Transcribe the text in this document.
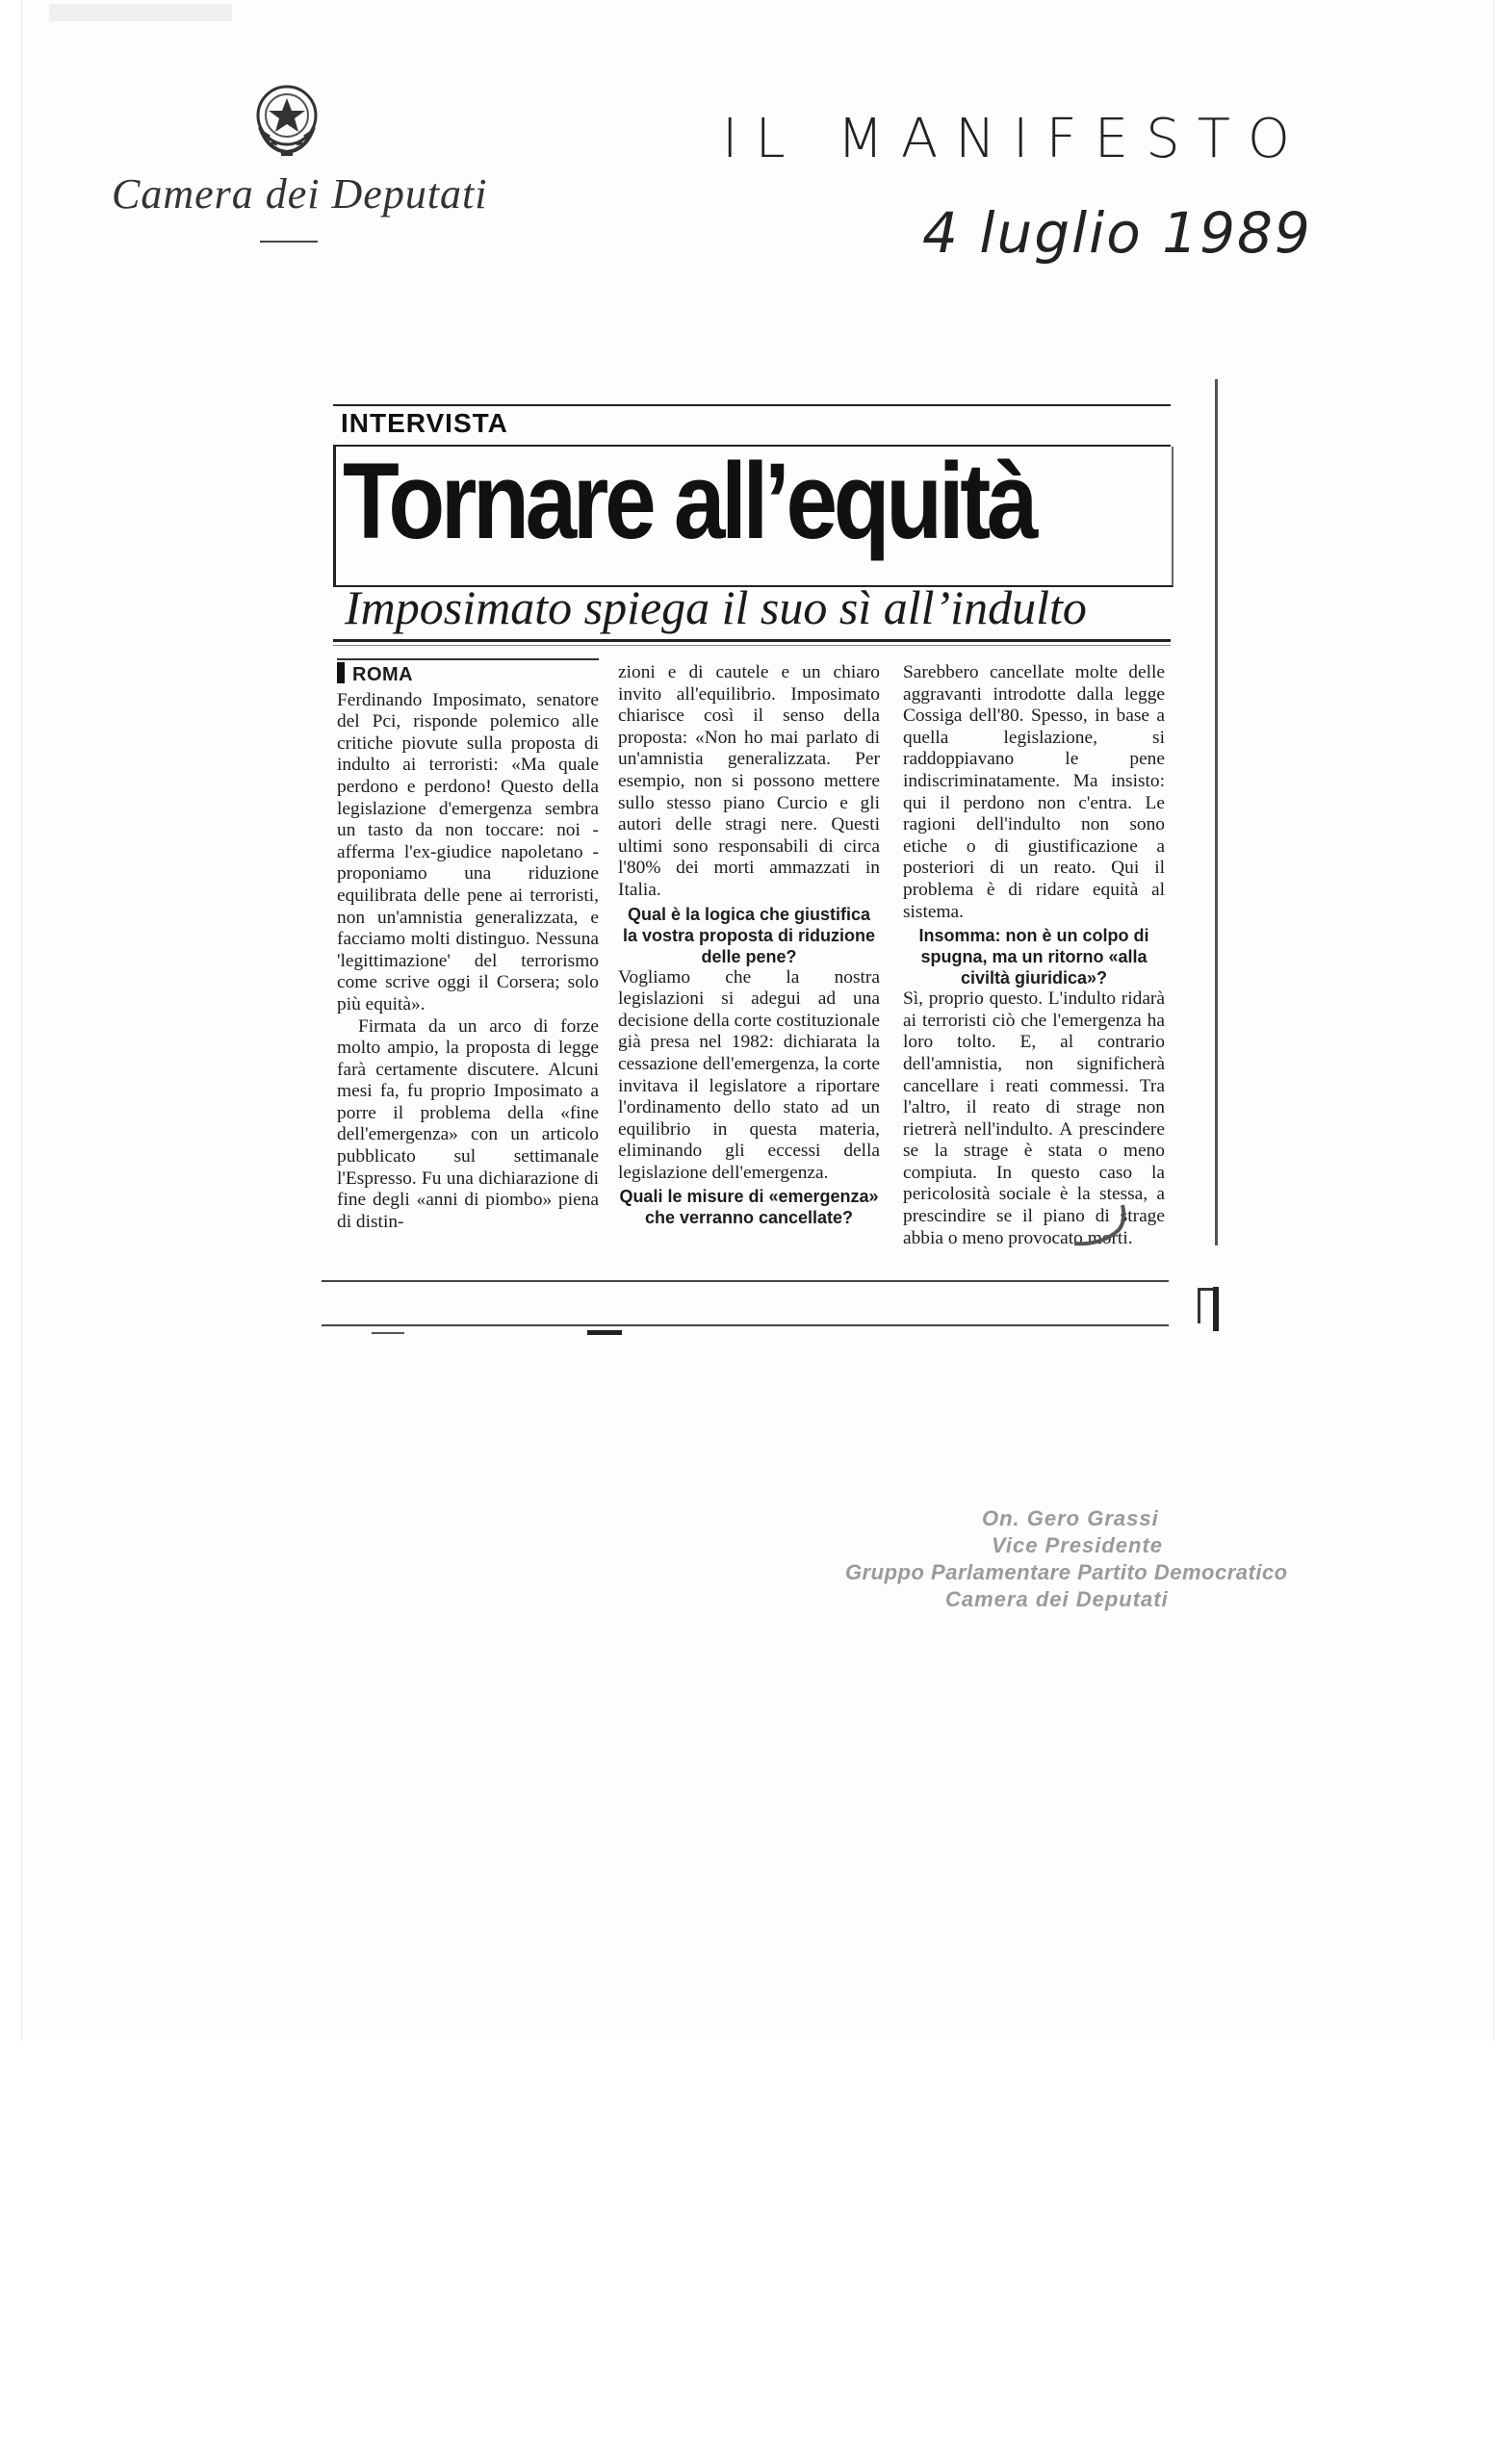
Camera dei Deputati
IL MANIFESTO
4 luglio 1989
INTERVISTA
Tornare all’equità
Imposimato spiega il suo sì all’indulto
ROMA

Ferdinando Imposimato, senatore del Pci, risponde polemico alle critiche piovute sulla proposta di indulto ai terroristi: «Ma quale perdono e perdono! Questo della legislazione d'emergenza sembra un tasto da non toccare: noi - afferma l'ex-giudice napoletano - proponiamo una riduzione equilibrata delle pene ai terroristi, non un'amnistia generalizzata, e facciamo molti distinguo. Nessuna 'legittimazione' del terrorismo come scrive oggi il Corsera; solo più equità».

Firmata da un arco di forze molto ampio, la proposta di legge farà certamente discutere. Alcuni mesi fa, fu proprio Imposimato a porre il problema della «fine dell'emergenza» con un articolo pubblicato sul settimanale l'Espresso. Fu una dichiarazione di fine degli «anni di piombo» piena di distin-

zioni e di cautele e un chiaro invito all'equilibrio. Imposimato chiarisce così il senso della proposta: «Non ho mai parlato di un'amnistia generalizzata. Per esempio, non si possono mettere sullo stesso piano Curcio e gli autori delle stragi nere. Questi ultimi sono responsabili di circa l'80% dei morti ammazzati in Italia.

Qual è la logica che giustifica la vostra proposta di riduzione delle pene?

Vogliamo che la nostra legislazioni si adegui ad una decisione della corte costituzionale già presa nel 1982: dichiarata la cessazione dell'emergenza, la corte invitava il legislatore a riportare l'ordinamento dello stato ad un equilibrio in questa materia, eliminando gli eccessi della legislazione dell'emergenza.

Quali le misure di «emergenza» che verranno cancellate?

Sarebbero cancellate molte delle aggravanti introdotte dalla legge Cossiga dell'80. Spesso, in base a quella legislazione, si raddoppiavano le pene indiscriminatamente. Ma insisto: qui il perdono non c'entra. Le ragioni dell'indulto non sono etiche o di giustificazione a posteriori di un reato. Qui il problema è di ridare equità al sistema.

Insomma: non è un colpo di spugna, ma un ritorno «alla civiltà giuridica»?

Sì, proprio questo. L'indulto ridarà ai terroristi ciò che l'emergenza ha loro tolto. E, al contrario dell'amnistia, non significherà cancellare i reati commessi. Tra l'altro, il reato di strage non rietrerà nell'indulto. A prescindere se la strage è stata o meno compiuta. In questo caso la pericolosità sociale è la stessa, a prescindire se il piano di strage abbia o meno provocato morti.

On. Gero Grassi
Vice Presidente
Gruppo Parlamentare Partito Democratico
Camera dei Deputati
